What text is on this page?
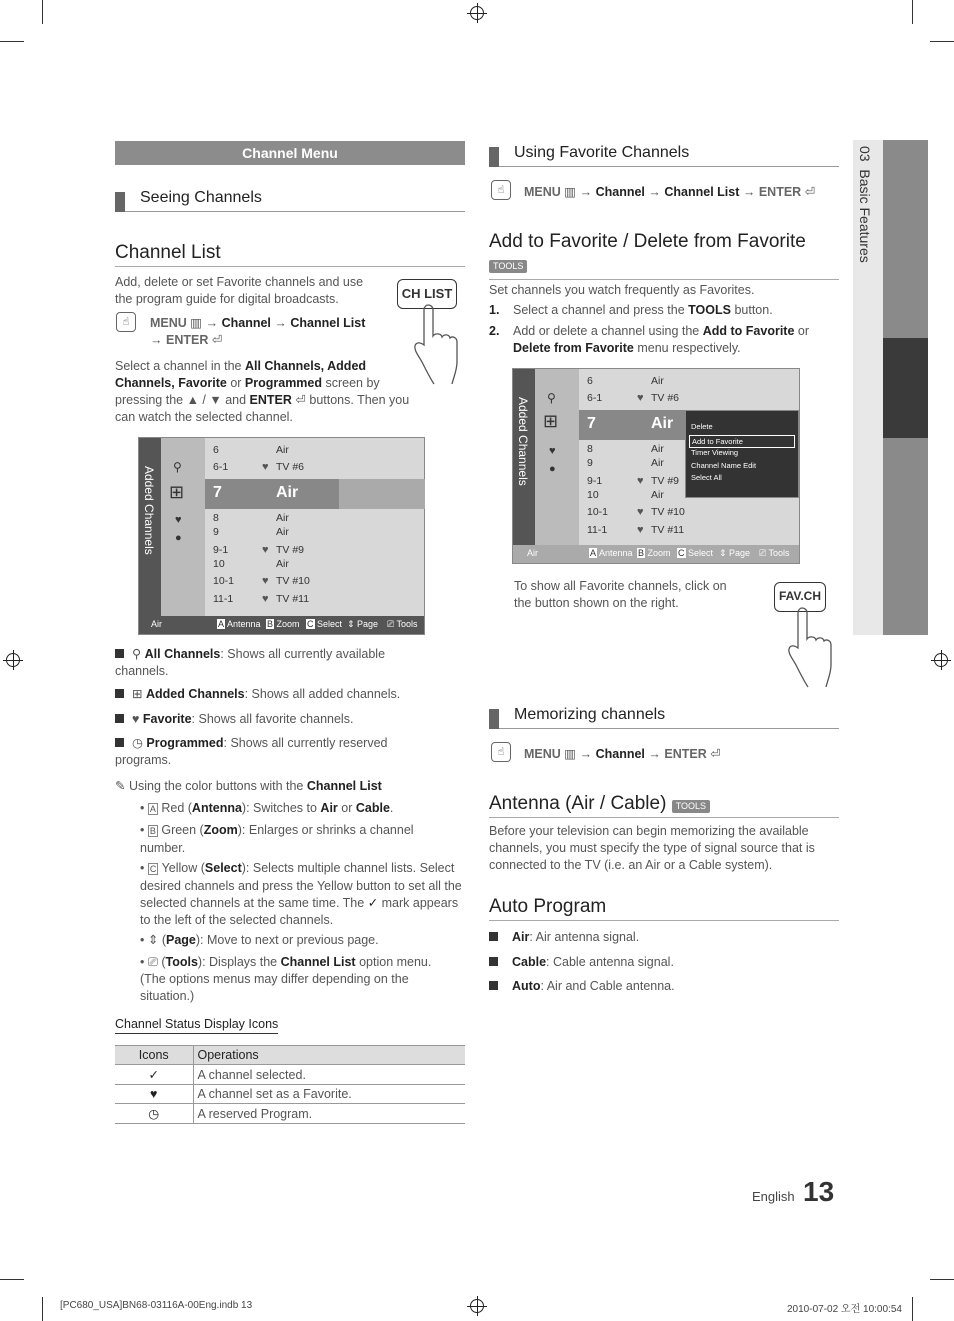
03  Basic Features
Channel Menu
Seeing Channels
Channel List
Add, delete or set Favorite channels and use the program guide for digital broadcasts.
☝	MENU ▥ → Channel → Channel List
→ ENTER ⏎
CH LIST
Select a channel in the All Channels, Added Channels, Favorite or Programmed screen by pressing the ▲ / ▼ and ENTER ⏎ buttons. Then you can watch the selected channel.
Added Channels ⚲
⊞
♥
●
6	Air
6-1	♥ TV #6
7	Air
8	Air
9	Air
9-1	♥ TV #9
10	Air
10-1	♥ TV #10
11-1	♥ TV #11
Air	A Antenna B Zoom C Select ⇕ Page ⎚ Tools
⚲ All Channels: Shows all currently available channels.
⊞ Added Channels: Shows all added channels.
♥ Favorite: Shows all favorite channels.
◷ Programmed: Shows all currently reserved programs.
✎ Using the color buttons with the Channel List
• A Red (Antenna): Switches to Air or Cable.
• B Green (Zoom): Enlarges or shrinks a channel number.
• C Yellow (Select): Selects multiple channel lists. Select desired channels and press the Yellow button to set all the selected channels at the same time. The ✓ mark appears to the left of the selected channels.
• ⇕ (Page): Move to next or previous page.
• ⎚ (Tools): Displays the Channel List option menu. (The options menus may differ depending on the situation.)
Channel Status Display Icons
Icons	Operations
✓	A channel selected.
♥	A channel set as a Favorite.
◷	A reserved Program.
Using Favorite Channels
☝	MENU ▥ → Channel → Channel List → ENTER ⏎
Add to Favorite / Delete from Favorite
TOOLS
Set channels you watch frequently as Favorites.
1. Select a channel and press the TOOLS button.
2. Add or delete a channel using the Add to Favorite or
Delete from Favorite menu respectively.
Added Channels ⚲
⊞
♥
●
6	Air
6-1	♥ TV #6
7	Air
8	Air
9	Air
9-1	♥ TV #9
10	Air
10-1	♥ TV #10
11-1	♥ TV #11
Delete
Add to Favorite
Timer Viewing
Channel Name Edit
Select All
Air	A Antenna B Zoom C Select ⇕ Page ⎚ Tools
To show all Favorite channels, click on the button shown on the right.	FAV.CH
Memorizing channels
☝	MENU ▥ → Channel → ENTER ⏎
Antenna (Air / Cable) TOOLS
Before your television can begin memorizing the available channels, you must specify the type of signal source that is connected to the TV (i.e. an Air or a Cable system).
Auto Program
Air: Air antenna signal.
Cable: Cable antenna signal.
Auto: Air and Cable antenna.
English 13
[PC680_USA]BN68-03116A-00Eng.indb 13	2010-07-02 오전 10:00:54
